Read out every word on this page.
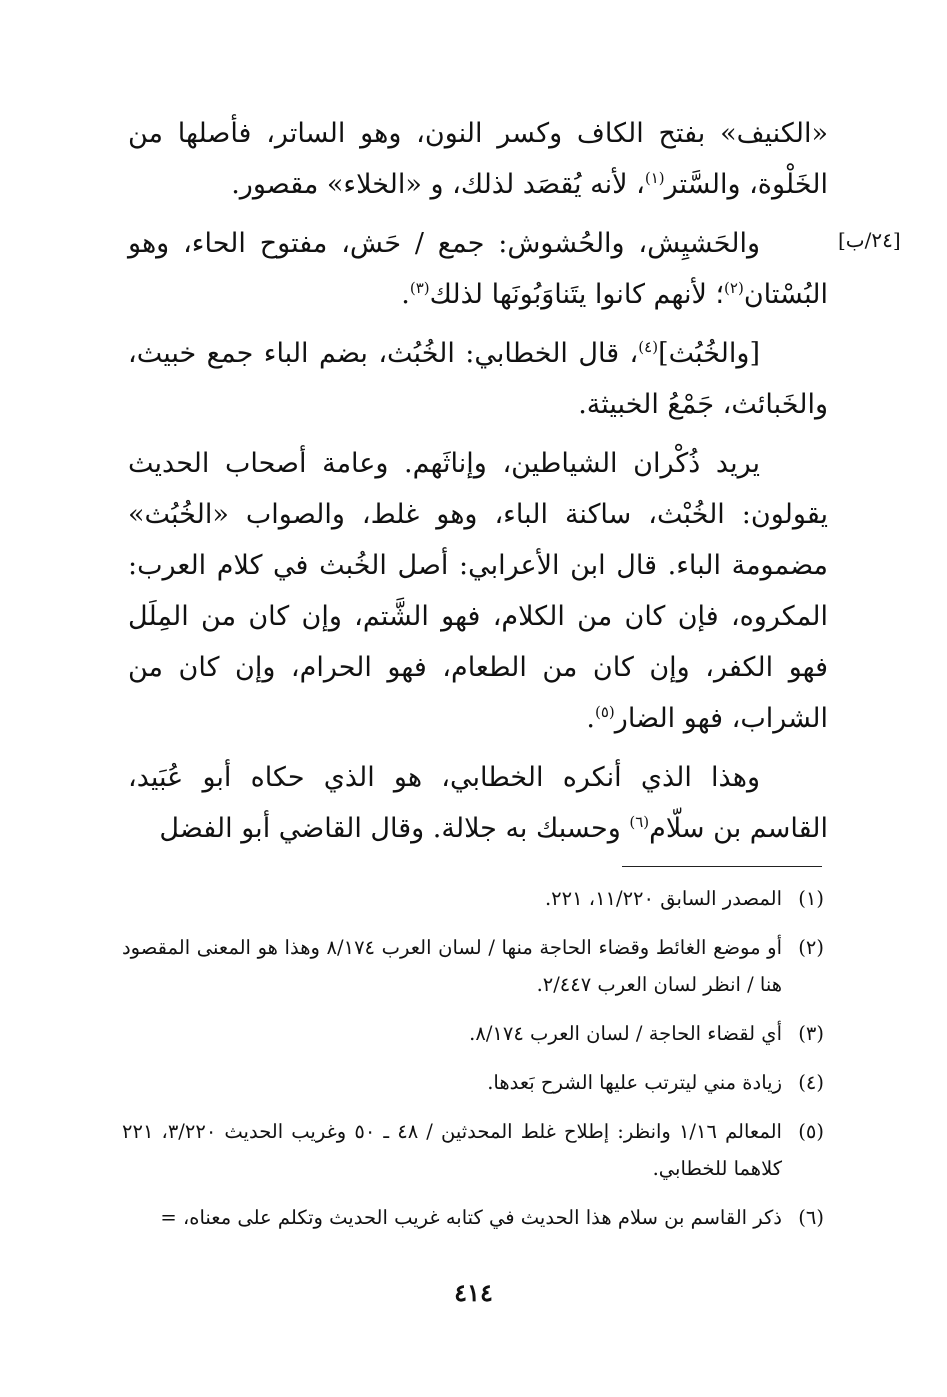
[٢٤/ب]

«الكنيف» بفتح الكاف وكسر النون، وهو الساتر، فأصلها من الخَلْوة، والسَّتر$^{(١)}$، لأنه يُقصَد لذلك، و «الخلاء» مقصور.

والحَشيِش، والحُشوش: جمع / حَش، مفتوح الحاء، وهو البُسْتان$^{(٢)}$؛ لأنهم كانوا يتَناوَبُونَها لذلك$^{(٣)}$.

[والخُبُث]$^{(٤)}$، قال الخطابي: الخُبُث، بضم الباء جمع خبيث، والخَبائث، جَمْعُ الخبيثة.

يريد ذُكْران الشياطين، وإناثَهم. وعامة أصحاب الحديث يقولون: الخُبْث، ساكنة الباء، وهو غلط، والصواب «الخُبُث» مضمومة الباء. قال ابن الأعرابي: أصل الخُبث في كلام العرب: المكروه، فإن كان من الكلام، فهو الشَّتم، وإن كان من المِلَل فهو الكفر، وإن كان من الطعام، فهو الحرام، وإن كان من الشراب، فهو الضار$^{(٥)}$.

وهذا الذي أنكره الخطابي، هو الذي حكاه أبو عُبَيد، القاسم بن سلّام$^{(٦)}$ وحسبك به جلالة. وقال القاضي أبو الفضل

(١)
المصدر السابق ١١/٢٢٠، ٢٢١.
(٢)
أو موضع الغائط وقضاء الحاجة منها / لسان العرب ٨/١٧٤ وهذا هو المعنى المقصود هنا / انظر لسان العرب ٢/٤٤٧.
(٣)
أي لقضاء الحاجة / لسان العرب ٨/١٧٤.
(٤)
زيادة مني ليترتب عليها الشرح بَعدها.
(٥)
المعالم ١/١٦ وانظر: إطلاح غلط المحدثين / ٤٨ ـ ٥٠ وغريب الحديث ٣/٢٢٠، ٢٢١ كلاهما للخطابي.
(٦)
ذكر القاسم بن سلام هذا الحديث في كتابه غريب الحديث وتكلم على معناه، =
٤١٤
